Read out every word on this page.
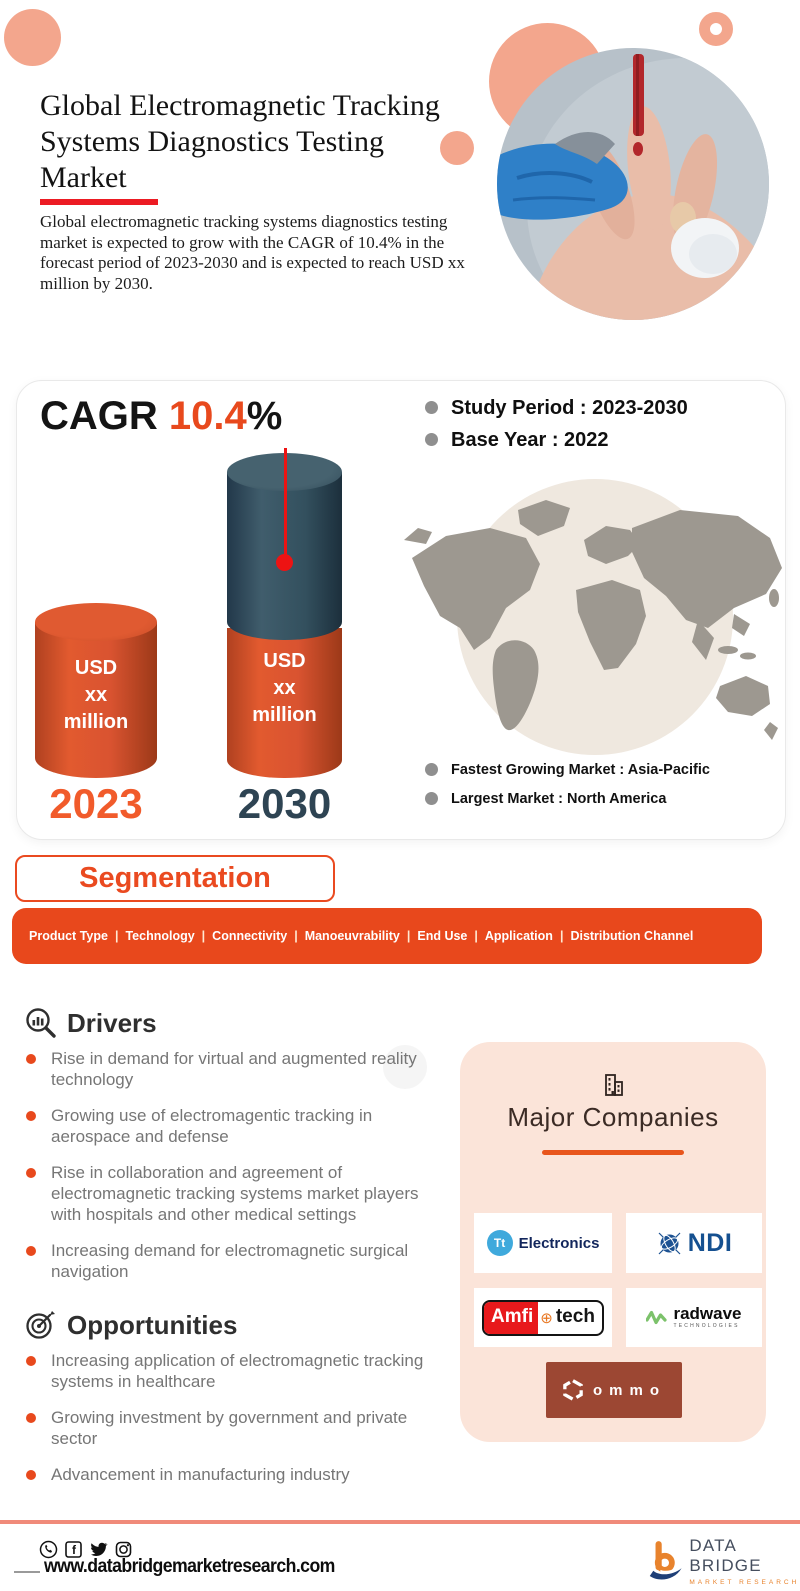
Global Electromagnetic Tracking
Systems Diagnostics Testing
Market
Global electromagnetic tracking systems diagnostics testing market is expected to grow with the CAGR of 10.4% in the forecast period of 2023-2030 and is expected to reach USD xx million by 2030.
CAGR 10.4%
USD
xx
million
2023
USD
xx
million
2030
Study Period : 2023-2030
Base Year : 2022
Fastest Growing Market : Asia-Pacific
Largest Market : North America
Segmentation
Product Type | Technology | Connectivity | Manoeuvrability | End Use | Application | Distribution Channel
Drivers
Rise in demand for virtual and augmented reality technology
Growing use of electromagentic tracking in aerospace and defense
Rise in collaboration and agreement of electromagnetic tracking systems market players with hospitals and other medical settings
Increasing demand for electromagnetic surgical navigation
Opportunities
Increasing application of electromagnetic tracking systems in healthcare
Growing investment by government and private sector
Advancement in manufacturing industry
Major Companies
Tt Electronics	NDI
Amfi ⊕ tech	radwave
TECHNOLOGIES
ommo
f
www.databridgemarketresearch.com
DATA BRIDGE
MARKET RESEARCH
